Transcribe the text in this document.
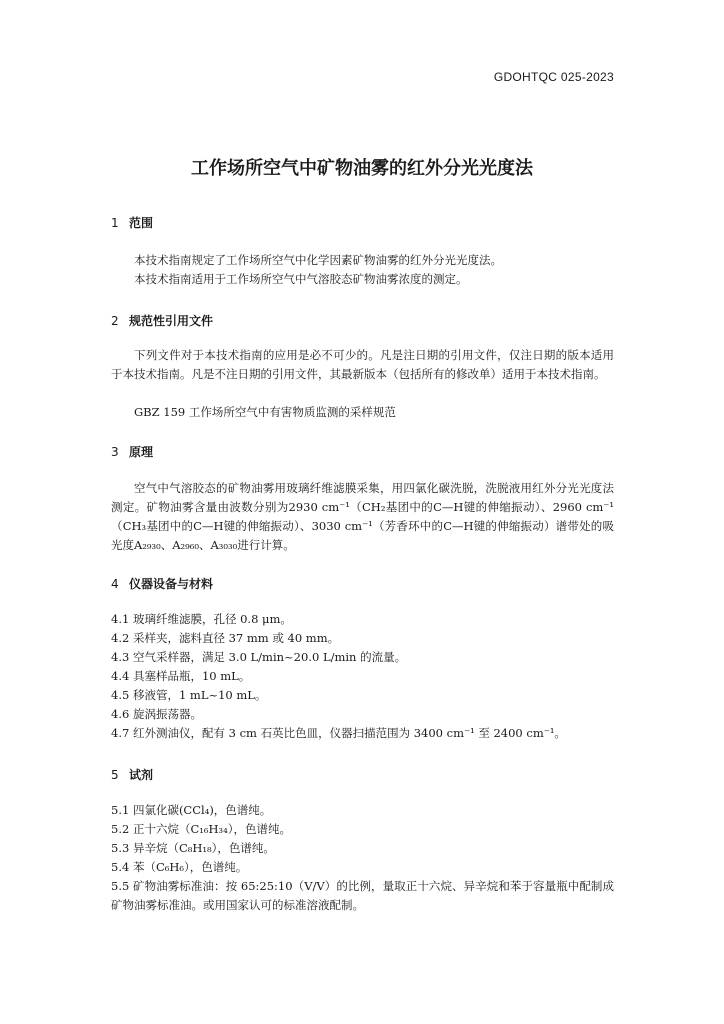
GDOHTQC 025-2023
工作场所空气中矿物油雾的红外分光光度法
1 范围
本技术指南规定了工作场所空气中化学因素矿物油雾的红外分光光度法。
本技术指南适用于工作场所空气中气溶胶态矿物油雾浓度的测定。
2 规范性引用文件
下列文件对于本技术指南的应用是必不可少的。凡是注日期的引用文件，仅注日期的版本适用于本技术指南。凡是不注日期的引用文件，其最新版本（包括所有的修改单）适用于本技术指南。
GBZ 159 工作场所空气中有害物质监测的采样规范
3 原理
空气中气溶胶态的矿物油雾用玻璃纤维滤膜采集，用四氯化碳洗脱，洗脱液用红外分光光度法测定。矿物油雾含量由波数分别为2930 cm⁻¹（CH₂基团中的C—H键的伸缩振动）、2960 cm⁻¹（CH₃基团中的C—H键的伸缩振动）、3030 cm⁻¹（芳香环中的C—H键的伸缩振动）谱带处的吸光度A₂₉₃₀、A₂₉₆₀、A₃₀₃₀进行计算。
4 仪器设备与材料
4.1 玻璃纤维滤膜，孔径 0.8 μm。
4.2 采样夹，滤料直径 37 mm 或 40 mm。
4.3 空气采样器，满足 3.0 L/min~20.0 L/min 的流量。
4.4 具塞样品瓶，10 mL。
4.5 移液管，1 mL~10 mL。
4.6 旋涡振荡器。
4.7 红外测油仪，配有 3 cm 石英比色皿，仪器扫描范围为 3400 cm⁻¹ 至 2400 cm⁻¹。
5 试剂
5.1 四氯化碳(CCl₄)，色谱纯。
5.2 正十六烷（C₁₆H₃₄），色谱纯。
5.3 异辛烷（C₈H₁₈），色谱纯。
5.4 苯（C₆H₆），色谱纯。
5.5 矿物油雾标准油：按 65:25:10（V/V）的比例，量取正十六烷、异辛烷和苯于容量瓶中配制成矿物油雾标准油。或用国家认可的标准溶液配制。
